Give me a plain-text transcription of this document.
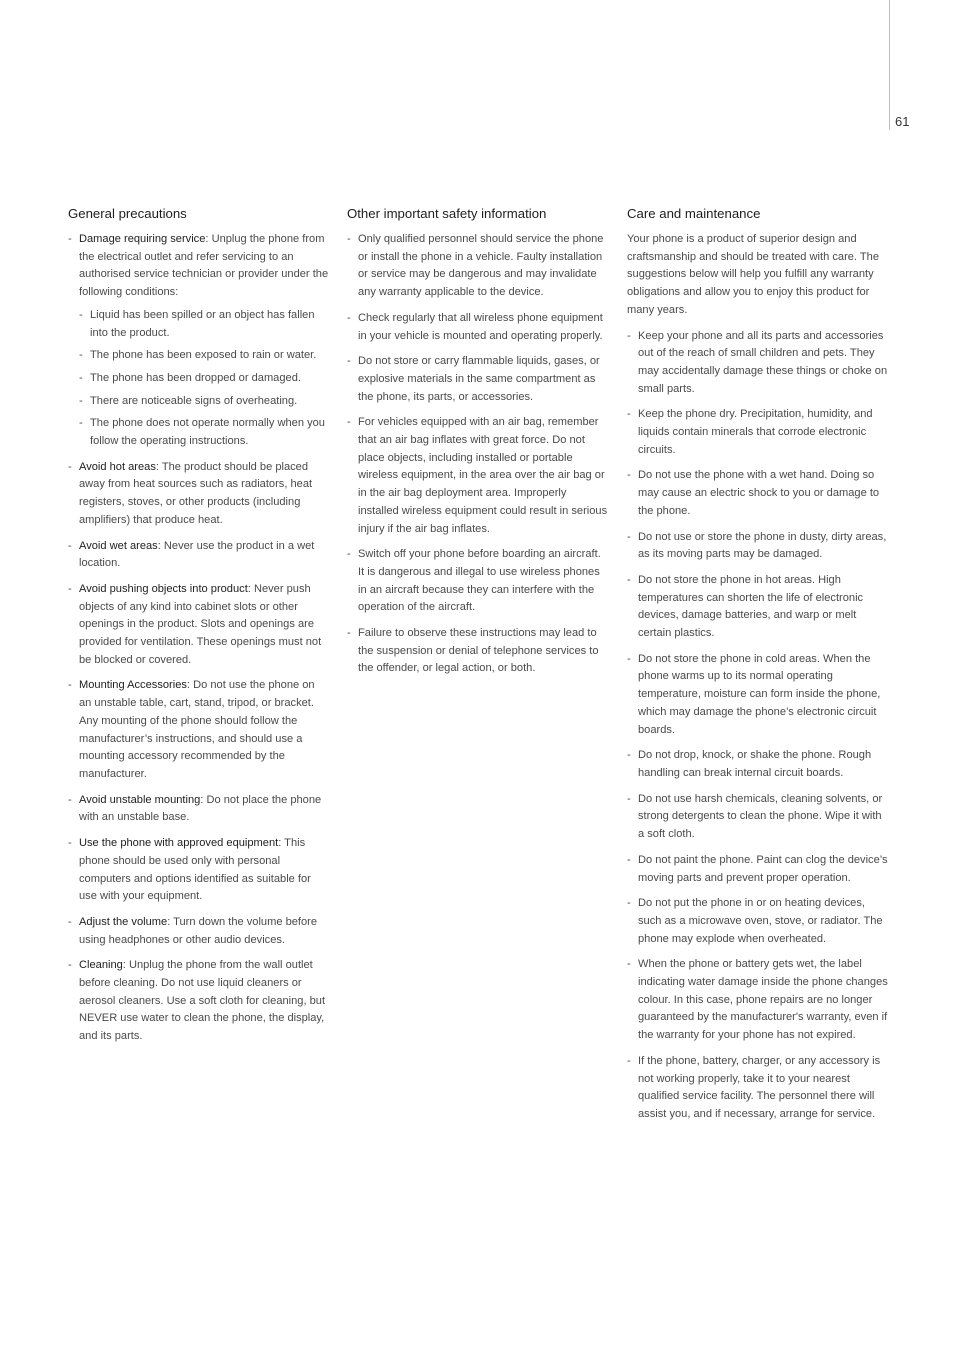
61
General precautions
- Damage requiring service: Unplug the phone from the electrical outlet and refer servicing to an authorised service technician or provider under the following conditions:
- Liquid has been spilled or an object has fallen into the product.
- The phone has been exposed to rain or water.
- The phone has been dropped or damaged.
- There are noticeable signs of overheating.
- The phone does not operate normally when you follow the operating instructions.
- Avoid hot areas: The product should be placed away from heat sources such as radiators, heat registers, stoves, or other products (including amplifiers) that produce heat.
- Avoid wet areas: Never use the product in a wet location.
- Avoid pushing objects into product: Never push objects of any kind into cabinet slots or other openings in the product. Slots and openings are provided for ventilation. These openings must not be blocked or covered.
- Mounting Accessories: Do not use the phone on an unstable table, cart, stand, tripod, or bracket. Any mounting of the phone should follow the manufacturer’s instructions, and should use a mounting accessory recommended by the manufacturer.
- Avoid unstable mounting: Do not place the phone with an unstable base.
- Use the phone with approved equipment: This phone should be used only with personal computers and options identified as suitable for use with your equipment.
- Adjust the volume: Turn down the volume before using headphones or other audio devices.
- Cleaning: Unplug the phone from the wall outlet before cleaning. Do not use liquid cleaners or aerosol cleaners. Use a soft cloth for cleaning, but NEVER use water to clean the phone, the display, and its parts.
Other important safety information
- Only qualified personnel should service the phone or install the phone in a vehicle. Faulty installation or service may be dangerous and may invalidate any warranty applicable to the device.
- Check regularly that all wireless phone equipment in your vehicle is mounted and operating properly.
- Do not store or carry flammable liquids, gases, or explosive materials in the same compartment as the phone, its parts, or accessories.
- For vehicles equipped with an air bag, remember that an air bag inflates with great force. Do not place objects, including installed or portable wireless equipment, in the area over the air bag or in the air bag deployment area. Improperly installed wireless equipment could result in serious injury if the air bag inflates.
- Switch off your phone before boarding an aircraft. It is dangerous and illegal to use wireless phones in an aircraft because they can interfere with the operation of the aircraft.
- Failure to observe these instructions may lead to the suspension or denial of telephone services to the offender, or legal action, or both.
Care and maintenance

Your phone is a product of superior design and craftsmanship and should be treated with care. The suggestions below will help you fulfill any warranty obligations and allow you to enjoy this product for many years.

- Keep your phone and all its parts and accessories out of the reach of small children and pets. They may accidentally damage these things or choke on small parts.
- Keep the phone dry. Precipitation, humidity, and liquids contain minerals that corrode electronic circuits.
- Do not use the phone with a wet hand. Doing so may cause an electric shock to you or damage to the phone.
- Do not use or store the phone in dusty, dirty areas, as its moving parts may be damaged.
- Do not store the phone in hot areas. High temperatures can shorten the life of electronic devices, damage batteries, and warp or melt certain plastics.
- Do not store the phone in cold areas. When the phone warms up to its normal operating temperature, moisture can form inside the phone, which may damage the phone’s electronic circuit boards.
- Do not drop, knock, or shake the phone. Rough handling can break internal circuit boards.
- Do not use harsh chemicals, cleaning solvents, or strong detergents to clean the phone. Wipe it with a soft cloth.
- Do not paint the phone. Paint can clog the device’s moving parts and prevent proper operation.
- Do not put the phone in or on heating devices, such as a microwave oven, stove, or radiator. The phone may explode when overheated.
- When the phone or battery gets wet, the label indicating water damage inside the phone changes colour. In this case, phone repairs are no longer guaranteed by the manufacturer's warranty, even if the warranty for your phone has not expired.
- If the phone, battery, charger, or any accessory is not working properly, take it to your nearest qualified service facility. The personnel there will assist you, and if necessary, arrange for service.
